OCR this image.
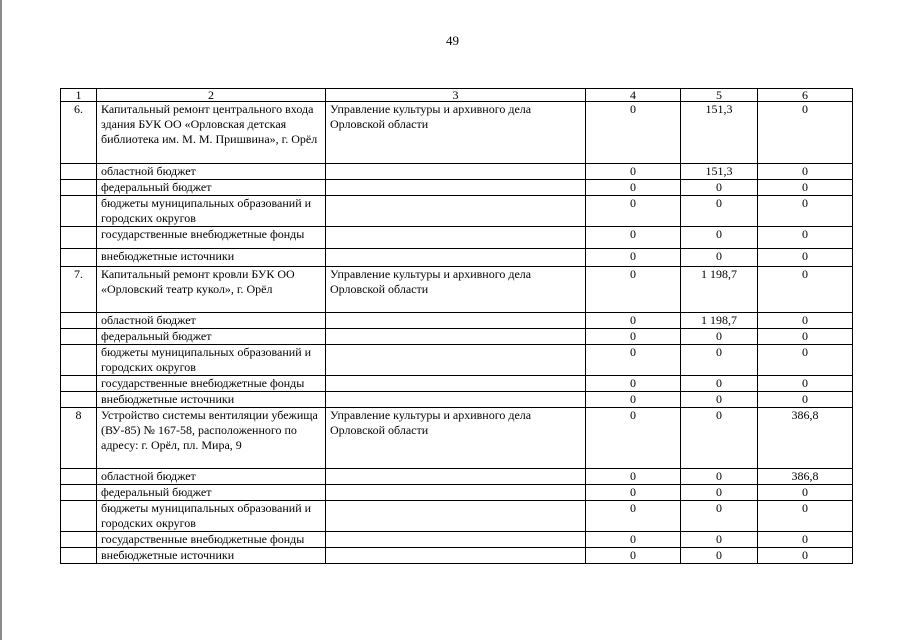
49
1	2	3	4	5	6
6.	Капитальный ремонт центрального входа здания БУК ОО «Орловская детская библиотека им. М. М. Пришвина», г. Орёл	Управление культуры и архивного дела Орловской области	0	151,3	0
	областной бюджет		0	151,3	0
	федеральный бюджет		0	0	0
	бюджеты муниципальных образований и городских округов		0	0	0
	государственные внебюджетные фонды		0	0	0
	внебюджетные источники		0	0	0
7.	Капитальный ремонт кровли БУК ОО «Орловский театр кукол», г. Орёл	Управление культуры и архивного дела Орловской области	0	1 198,7	0
	областной бюджет		0	1 198,7	0
	федеральный бюджет		0	0	0
	бюджеты муниципальных образований и городских округов		0	0	0
	государственные внебюджетные фонды		0	0	0
	внебюджетные источники		0	0	0
8	Устройство системы вентиляции убежища (ВУ-85) № 167-58, расположенного по адресу: г. Орёл, пл. Мира, 9	Управление культуры и архивного дела Орловской области	0	0	386,8
	областной бюджет		0	0	386,8
	федеральный бюджет		0	0	0
	бюджеты муниципальных образований и городских округов		0	0	0
	государственные внебюджетные фонды		0	0	0
	внебюджетные источники		0	0	0
